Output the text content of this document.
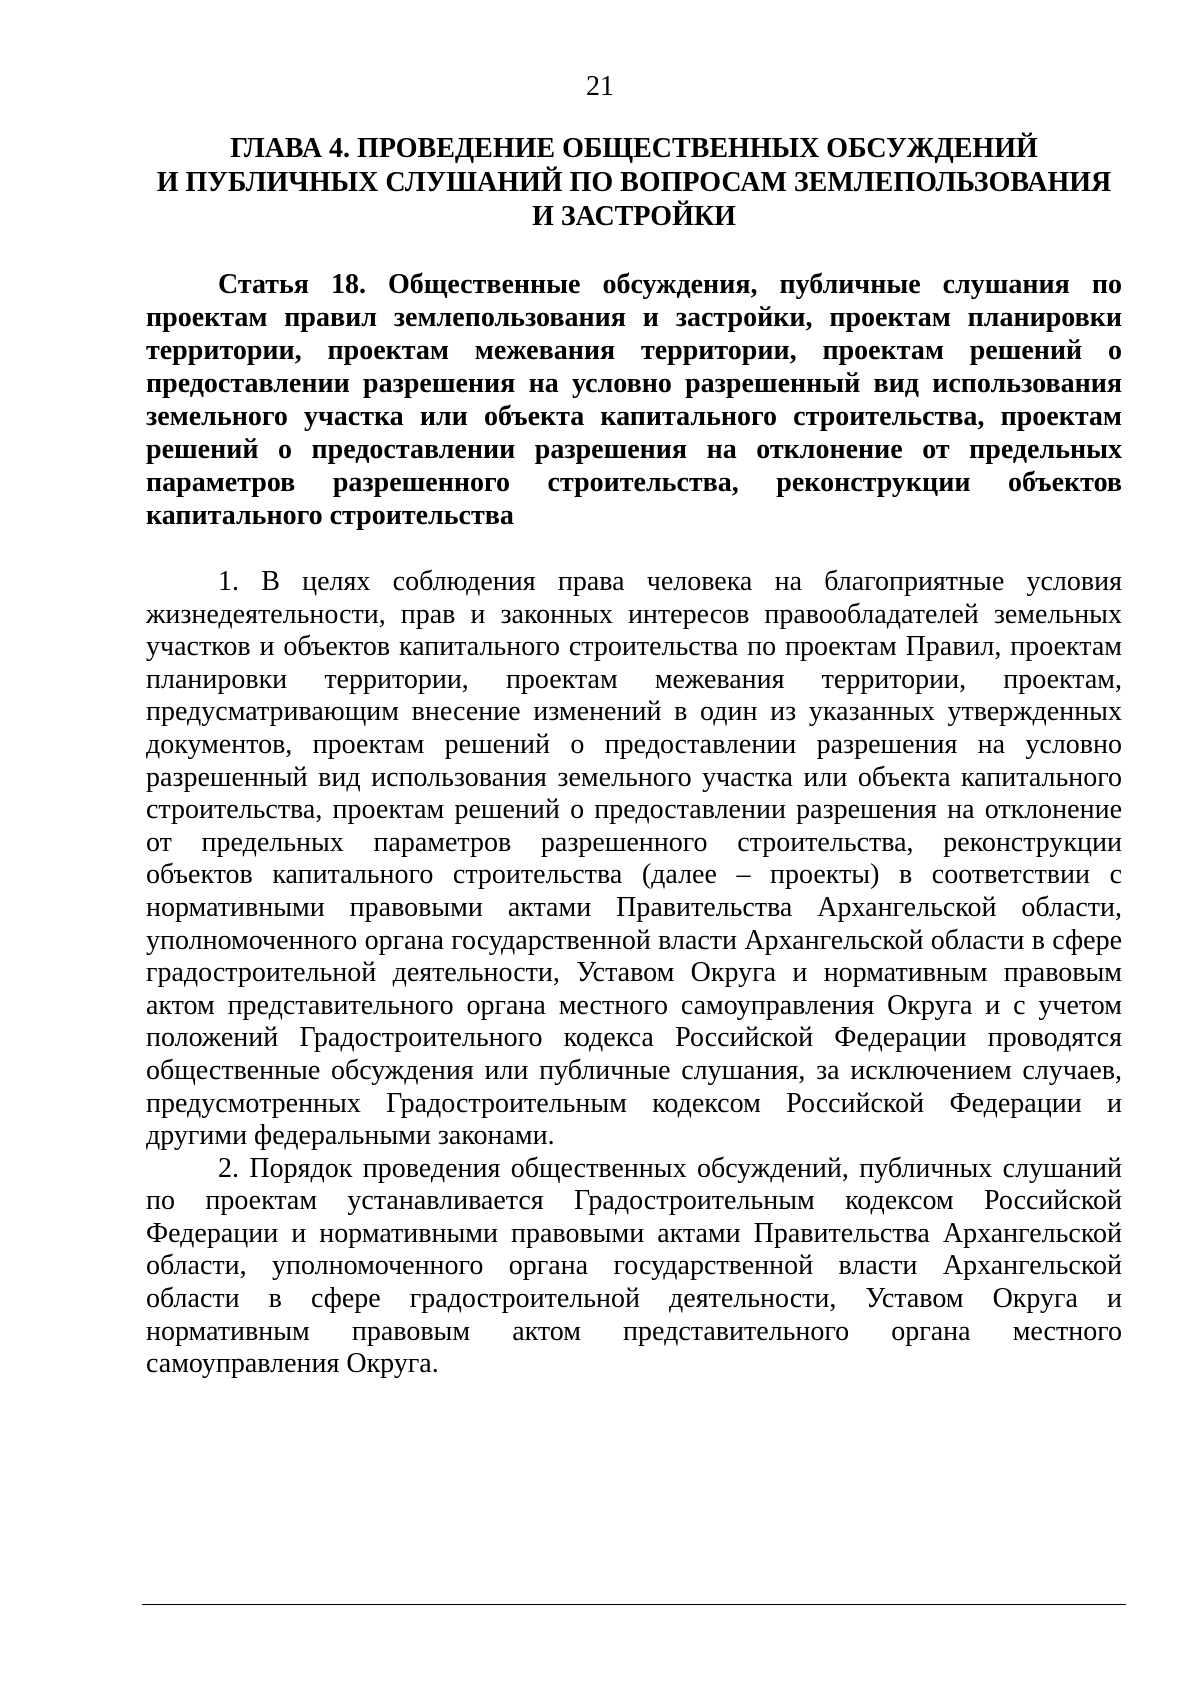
21
ГЛАВА 4. ПРОВЕДЕНИЕ ОБЩЕСТВЕННЫХ ОБСУЖДЕНИЙ
И ПУБЛИЧНЫХ СЛУШАНИЙ ПО ВОПРОСАМ ЗЕМЛЕПОЛЬЗОВАНИЯ
И ЗАСТРОЙКИ

Статья 18. Общественные обсуждения, публичные слушания по проектам правил землепользования и застройки, проектам планировки территории, проектам межевания территории, проектам решений о предоставлении разрешения на условно разрешенный вид использования земельного участка или объекта капитального строительства, проектам решений о предоставлении разрешения на отклонение от предельных параметров разрешенного строительства, реконструкции объектов капитального строительства

1. В целях соблюдения права человека на благоприятные условия жизнедеятельности, прав и законных интересов правообладателей земельных участков и объектов капитального строительства по проектам Правил, проектам планировки территории, проектам межевания территории, проектам, предусматривающим внесение изменений в один из указанных утвержденных документов, проектам решений о предоставлении разрешения на условно разрешенный вид использования земельного участка или объекта капитального строительства, проектам решений о предоставлении разрешения на отклонение от предельных параметров разрешенного строительства, реконструкции объектов капитального строительства (далее – проекты) в соответствии с нормативными правовыми актами Правительства Архангельской области, уполномоченного органа государственной власти Архангельской области в сфере градостроительной деятельности, Уставом Округа и нормативным правовым актом представительного органа местного самоуправления Округа и с учетом положений Градостроительного кодекса Российской Федерации проводятся общественные обсуждения или публичные слушания, за исключением случаев, предусмотренных Градостроительным кодексом Российской Федерации и другими федеральными законами.

2. Порядок проведения общественных обсуждений, публичных слушаний по проектам устанавливается Градостроительным кодексом Российской Федерации и нормативными правовыми актами Правительства Архангельской области, уполномоченного органа государственной власти Архангельской области в сфере градостроительной деятельности, Уставом Округа и нормативным правовым актом представительного органа местного самоуправления Округа.
